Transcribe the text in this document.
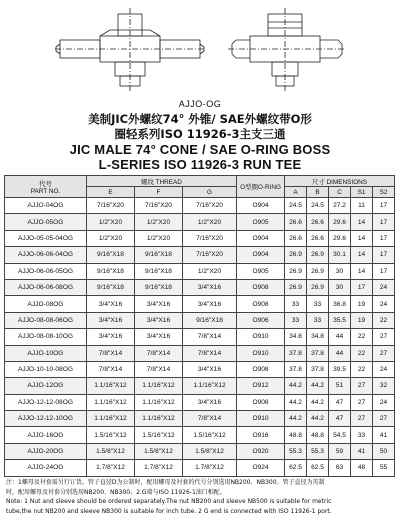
AJJO-OG
美制JIC外螺纹74° 外锥/ SAE外螺纹带O形
圈轻系列ISO 11926-3主支三通
JIC MALE 74° CONE / SAE O-RING BOSS
L-SERIES ISO 11926-3 RUN TEE
代号
PART NO.	螺纹 THREAD			O型圈O-RING	尺寸 DIMENSIONS				
	E	F	G		A	B	C	S1	S2
AJJO-04OG	7/16"X20	7/16"X20	7/16"X20	O904	24.5	24.5	27.2	11	17
AJJO-05OG	1/2"X20	1/2"X20	1/2"X20	O905	26.6	26.6	29.6	14	17
AJJO-05-05-04OG	1/2"X20	1/2"X20	7/16"X20	O904	26.6	26.6	29.6	14	17
AJJO-06-06-04OG	9/16"X18	9/16"X18	7/16"X20	O904	26.9	26.9	30.1	14	17
AJJO-06-06-05OG	9/16"X18	9/16"X18	1/2"X20	O905	26.9	26.9	30	14	17
AJJO-06-06-08OG	9/16"X18	9/16"X18	3/4"X16	O908	26.9	26.9	30	17	24
AJJO-08OG	3/4"X16	3/4"X16	3/4"X16	O908	33	33	36.8	19	24
AJJO-08-08-06OG	3/4"X16	3/4"X16	9/16"X18	O906	33	33	35.5	19	22
AJJO-08-08-10OG	3/4"X16	3/4"X16	7/8"X14	O910	34.8	34.8	44	22	27
AJJO-10OG	7/8"X14	7/8"X14	7/8"X14	O910	37.8	37.8	44	22	27
AJJO-10-10-08OG	7/8"X14	7/8"X14	3/4"X16	O908	37.8	37.8	39.5	22	24
AJJO-12OG	1.1/16"X12	1.1/16"X12	1.1/16"X12	O912	44.2	44.2	51	27	32
AJJO-12-12-08OG	1.1/16"X12	1.1/16"X12	3/4"X16	O908	44.2	44.2	47	27	24
AJJO-12-12-10OG	1.1/16"X12	1.1/16"X12	7/8"X14	O910	44.2	44.2	47	27	27
AJJO-16OG	1.5/16"X12	1.5/16"X12	1.5/16"X12	O916	48.8	48.8	54.5	33	41
AJJO-20OG	1.5/8"X12	1.5/8"X12	1.5/8"X12	O920	55.3	55.3	59	41	50
AJJO-24OG	1.7/8"X12	1.7/8"X12	1.7/8"X12	O924	62.5	62.5	63	48	55
注：1螺母及衬套需另行订货。管子直径D为公制时，配用螺母及衬套的代号分别选用NB200、NB300。管子直径为英制
时，配用螺母及衬套分别选用NB200、NB300。2.G端与ISO 11926-1油口相配。
Note: 1 Nut and sleeve should be ordered separately.The nut NB200 and sleeve NB500 is suitable for metric
tube,the nut NB200 and sleeve NB300 is suitable for inch tube. 2 G end is connected with ISO 11926-1 port.
